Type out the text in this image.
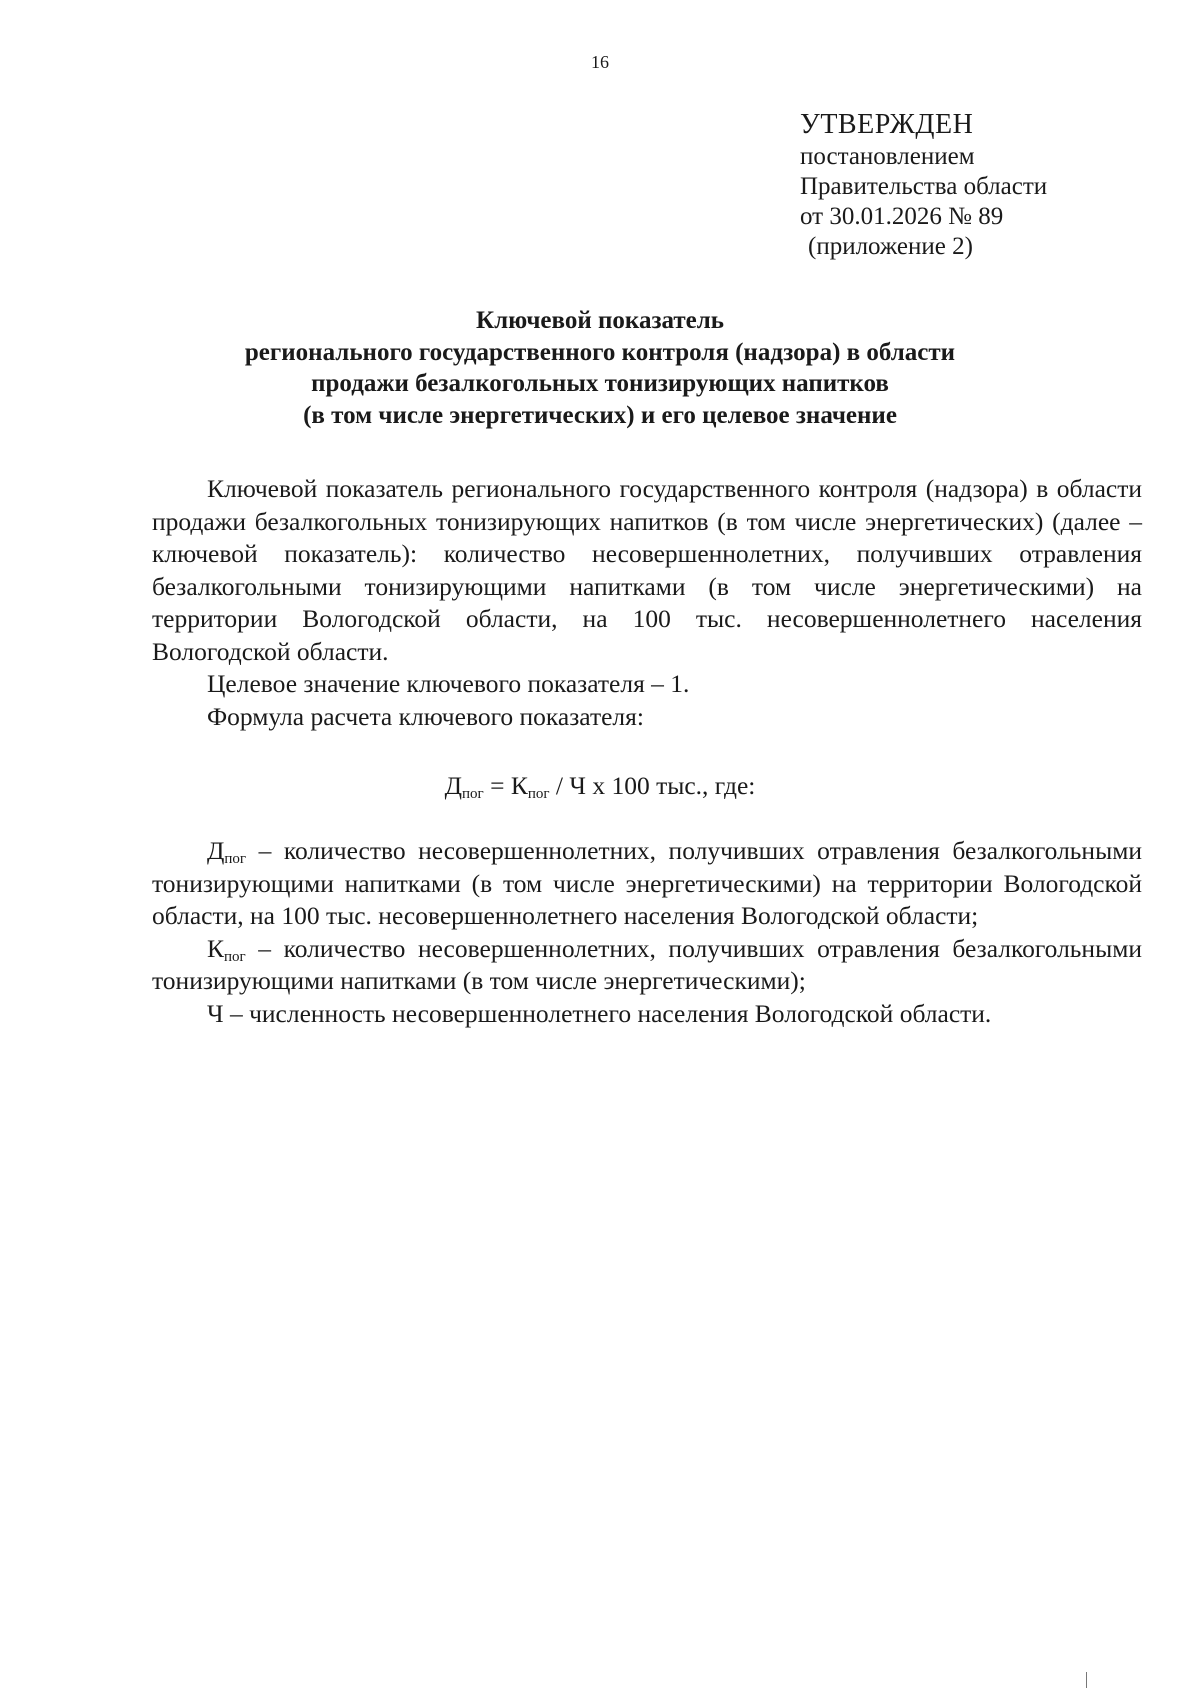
16
УТВЕРЖДЕН
постановлением
Правительства области
от 30.01.2026 № 89
(приложение 2)
Ключевой показатель
регионального государственного контроля (надзора) в области
продажи безалкогольных тонизирующих напитков
(в том числе энергетических) и его целевое значение

Ключевой показатель регионального государственного контроля (надзора) в области продажи безалкогольных тонизирующих напитков (в том числе энергетических) (далее – ключевой показатель): количество несовершеннолетних, получивших отравления безалкогольными тонизирующими напитками (в том числе энергетическими) на территории Вологодской области, на 100 тыс. несовершеннолетнего населения Вологодской области.

Целевое значение ключевого показателя – 1.

Формула расчета ключевого показателя:

$Д_{пог} = К_{пог} / Ч$ х 100 тыс., где:

$Д_{пог}$ – количество несовершеннолетних, получивших отравления безалкогольными тонизирующими напитками (в том числе энергетическими) на территории Вологодской области, на 100 тыс. несовершеннолетнего населения Вологодской области;

$К_{пог}$ – количество несовершеннолетних, получивших отравления безалкогольными тонизирующими напитками (в том числе энергетическими);

Ч – численность несовершеннолетнего населения Вологодской области.
